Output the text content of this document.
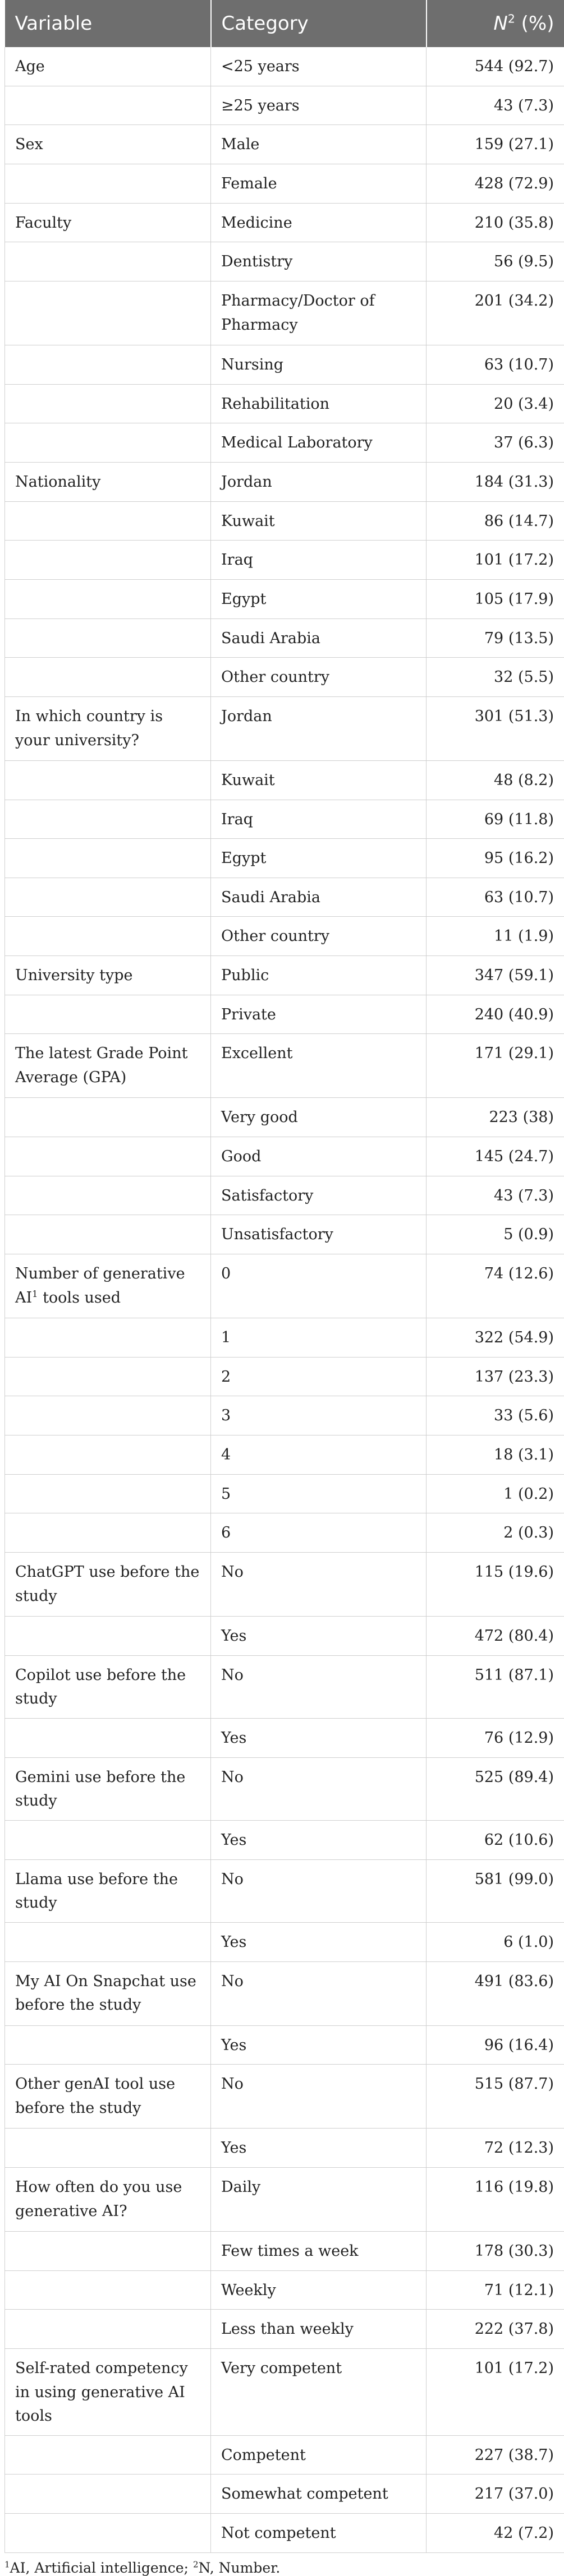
Variable	Category	$N^2$ (%)
Age	<25 years	544 (92.7)
	≥25 years	43 (7.3)
Sex	Male	159 (27.1)
	Female	428 (72.9)
Faculty	Medicine	210 (35.8)
	Dentistry	56 (9.5)
	Pharmacy/Doctor of Pharmacy	201 (34.2)
	Nursing	63 (10.7)
	Rehabilitation	20 (3.4)
	Medical Laboratory	37 (6.3)
Nationality	Jordan	184 (31.3)
	Kuwait	86 (14.7)
	Iraq	101 (17.2)
	Egypt	105 (17.9)
	Saudi Arabia	79 (13.5)
	Other country	32 (5.5)
In which country is your university?	Jordan	301 (51.3)
	Kuwait	48 (8.2)
	Iraq	69 (11.8)
	Egypt	95 (16.2)
	Saudi Arabia	63 (10.7)
	Other country	11 (1.9)
University type	Public	347 (59.1)
	Private	240 (40.9)
The latest Grade Point Average (GPA)	Excellent	171 (29.1)
	Very good	223 (38)
	Good	145 (24.7)
	Satisfactory	43 (7.3)
	Unsatisfactory	5 (0.9)
Number of generative $AI^1$ tools used	0	74 (12.6)
	1	322 (54.9)
	2	137 (23.3)
	3	33 (5.6)
	4	18 (3.1)
	5	1 (0.2)
	6	2 (0.3)
ChatGPT use before the study	No	115 (19.6)
	Yes	472 (80.4)
Copilot use before the study	No	511 (87.1)
	Yes	76 (12.9)
Gemini use before the study	No	525 (89.4)
	Yes	62 (10.6)
Llama use before the study	No	581 (99.0)
	Yes	6 (1.0)
My AI On Snapchat use before the study	No	491 (83.6)
	Yes	96 (16.4)
Other genAI tool use before the study	No	515 (87.7)
	Yes	72 (12.3)
How often do you use generative AI?	Daily	116 (19.8)
	Few times a week	178 (30.3)
	Weekly	71 (12.1)
	Less than weekly	222 (37.8)
Self-rated competency in using generative AI tools	Very competent	101 (17.2)
	Competent	227 (38.7)
	Somewhat competent	217 (37.0)
	Not competent	42 (7.2)
$^1$AI, Artificial intelligence; $^2$N, Number.
